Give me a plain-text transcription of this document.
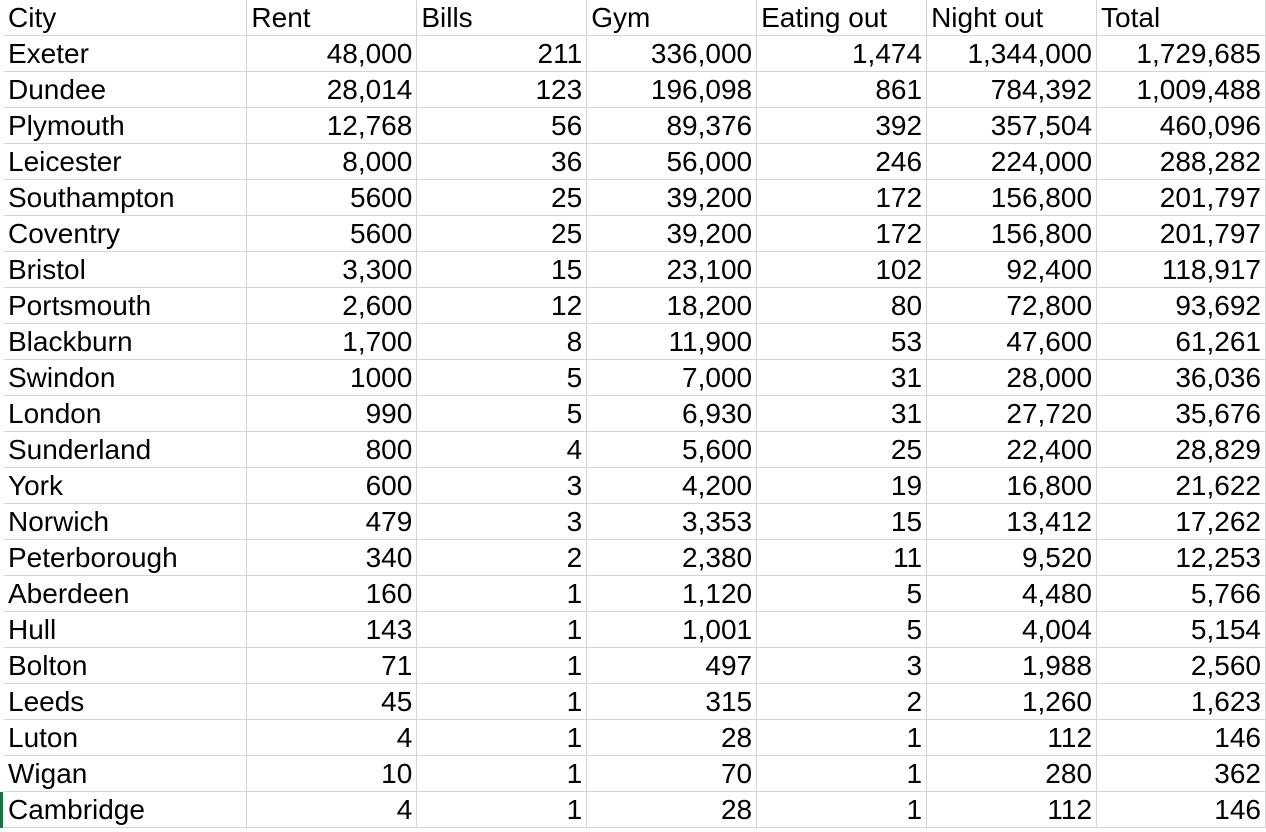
City	Rent	Bills	Gym	Eating out	Night out	Total
Exeter	48,000	211	336,000	1,474	1,344,000	1,729,685
Dundee	28,014	123	196,098	861	784,392	1,009,488
Plymouth	12,768	56	89,376	392	357,504	460,096
Leicester	8,000	36	56,000	246	224,000	288,282
Southampton	5600	25	39,200	172	156,800	201,797
Coventry	5600	25	39,200	172	156,800	201,797
Bristol	3,300	15	23,100	102	92,400	118,917
Portsmouth	2,600	12	18,200	80	72,800	93,692
Blackburn	1,700	8	11,900	53	47,600	61,261
Swindon	1000	5	7,000	31	28,000	36,036
London	990	5	6,930	31	27,720	35,676
Sunderland	800	4	5,600	25	22,400	28,829
York	600	3	4,200	19	16,800	21,622
Norwich	479	3	3,353	15	13,412	17,262
Peterborough	340	2	2,380	11	9,520	12,253
Aberdeen	160	1	1,120	5	4,480	5,766
Hull	143	1	1,001	5	4,004	5,154
Bolton	71	1	497	3	1,988	2,560
Leeds	45	1	315	2	1,260	1,623
Luton	4	1	28	1	112	146
Wigan	10	1	70	1	280	362
Cambridge	4	1	28	1	112	146
